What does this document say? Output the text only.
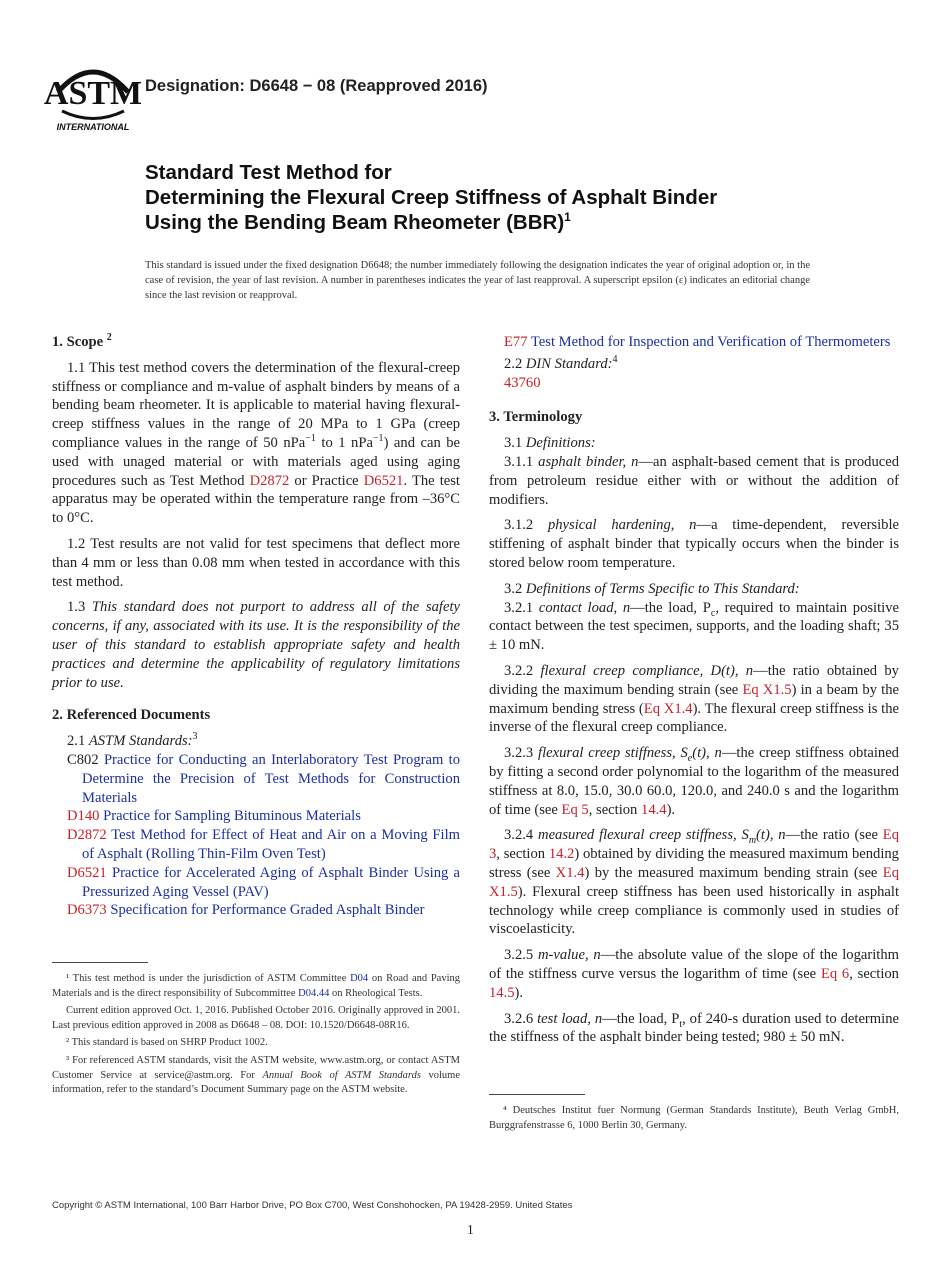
ASTM
INTERNATIONAL
Designation: D6648 − 08 (Reapproved 2016)
Standard Test Method for
Determining the Flexural Creep Stiffness of Asphalt Binder
Using the Bending Beam Rheometer (BBR)$^1$
This standard is issued under the fixed designation D6648; the number immediately following the designation indicates the year of original adoption or, in the case of revision, the year of last revision. A number in parentheses indicates the year of last reapproval. A superscript epsilon (ε) indicates an editorial change since the last revision or reapproval.
1. Scope $^2$

1.1 This test method covers the determination of the flexural-creep stiffness or compliance and m-value of asphalt binders by means of a bending beam rheometer. It is applicable to material having flexural-creep stiffness values in the range of 20 MPa to 1 GPa (creep compliance values in the range of 50 nPa$^{-1}$ to 1 nPa$^{-1}$) and can be used with unaged material or with materials aged using aging procedures such as Test Method D2872 or Practice D6521. The test apparatus may be operated within the temperature range from –36°C to 0°C.

1.2 Test results are not valid for test specimens that deflect more than 4 mm or less than 0.08 mm when tested in accordance with this test method.

1.3 This standard does not purport to address all of the safety concerns, if any, associated with its use. It is the responsibility of the user of this standard to establish appropriate safety and health practices and determine the applicability of regulatory limitations prior to use.

2. Referenced Documents

2.1 ASTM Standards:$^3$

C802 Practice for Conducting an Interlaboratory Test Program to Determine the Precision of Test Methods for Construction Materials
D140 Practice for Sampling Bituminous Materials
D2872 Test Method for Effect of Heat and Air on a Moving Film of Asphalt (Rolling Thin-Film Oven Test)
D6521 Practice for Accelerated Aging of Asphalt Binder Using a Pressurized Aging Vessel (PAV)
D6373 Specification for Performance Graded Asphalt Binder

¹ This test method is under the jurisdiction of ASTM Committee D04 on Road and Paving Materials and is the direct responsibility of Subcommittee D04.44 on Rheological Tests.

Current edition approved Oct. 1, 2016. Published October 2016. Originally approved in 2001. Last previous edition approved in 2008 as D6648 – 08. DOI: 10.1520/D6648-08R16.

² This standard is based on SHRP Product 1002.

³ For referenced ASTM standards, visit the ASTM website, www.astm.org, or contact ASTM Customer Service at service@astm.org. For Annual Book of ASTM Standards volume information, refer to the standard’s Document Summary page on the ASTM website.

E77 Test Method for Inspection and Verification of Thermometers

2.2 DIN Standard:$^4$

43760
3. Terminology

3.1 Definitions:

3.1.1 asphalt binder, n—an asphalt-based cement that is produced from petroleum residue either with or without the addition of modifiers.

3.1.2 physical hardening, n—a time-dependent, reversible stiffening of asphalt binder that typically occurs when the binder is stored below room temperature.

3.2 Definitions of Terms Specific to This Standard:

3.2.1 contact load, n—the load, $P_c$, required to maintain positive contact between the test specimen, supports, and the loading shaft; 35 ± 10 mN.

3.2.2 flexural creep compliance, D(t), n—the ratio obtained by dividing the maximum bending strain (see Eq X1.5) in a beam by the maximum bending stress (Eq X1.4). The flexural creep stiffness is the inverse of the flexural creep compliance.

3.2.3 flexural creep stiffness, $S_e(t)$, n—the creep stiffness obtained by fitting a second order polynomial to the logarithm of the measured stiffness at 8.0, 15.0, 30.0 60.0, 120.0, and 240.0 s and the logarithm of time (see Eq 5, section 14.4).

3.2.4 measured flexural creep stiffness, $S_m(t)$, n—the ratio (see Eq 3, section 14.2) obtained by dividing the measured maximum bending stress (see X1.4) by the measured maximum bending strain (see Eq X1.5). Flexural creep stiffness has been used historically in asphalt technology while creep compliance is commonly used in studies of viscoelasticity.

3.2.5 m-value, n—the absolute value of the slope of the logarithm of the stiffness curve versus the logarithm of time (see Eq 6, section 14.5).

3.2.6 test load, n—the load, $P_t$, of 240-s duration used to determine the stiffness of the asphalt binder being tested; 980 ± 50 mN.

⁴ Deutsches Institut fuer Normung (German Standards Institute), Beuth Verlag GmbH, Burggrafenstrasse 6, 1000 Berlin 30, Germany.

Copyright © ASTM International, 100 Barr Harbor Drive, PO Box C700, West Conshohocken, PA 19428-2959. United States
1
